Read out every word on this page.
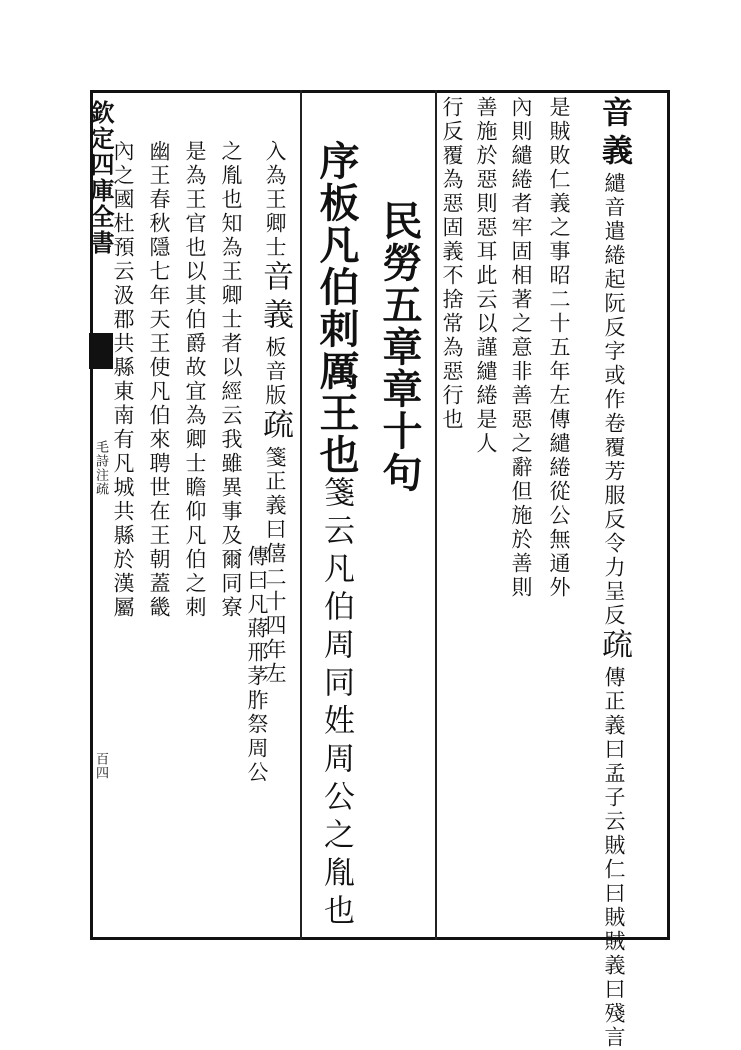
欽定四庫全書
毛詩注疏
百四
音義繾音遣綣起阮反字或作卷覆芳服反令力呈反疏傳正義曰孟子云賊仁曰賊賊義曰殘言
是賊敗仁義之事昭二十五年左傳繾綣從公無通外
內則繾綣者牢固相著之意非善惡之辭但施於善則
善施於惡則惡耳此云以謹繾綣是人
行反覆為惡固義不捨常為惡行也
民勞五章章十句
序板凡伯刺厲王也箋云凡伯周同姓周公之胤也
入為王卿士音義板音版疏箋正義曰僖二十四年左
傳曰凡蔣邢茅胙祭周公
之胤也知為王卿士者以經云我雖異事及爾同寮
是為王官也以其伯爵故宜為卿士瞻仰凡伯之刺
幽王春秋隱七年天王使凡伯來聘世在王朝蓋畿
內之國杜預云汲郡共縣東南有凡城共縣於漢屬
